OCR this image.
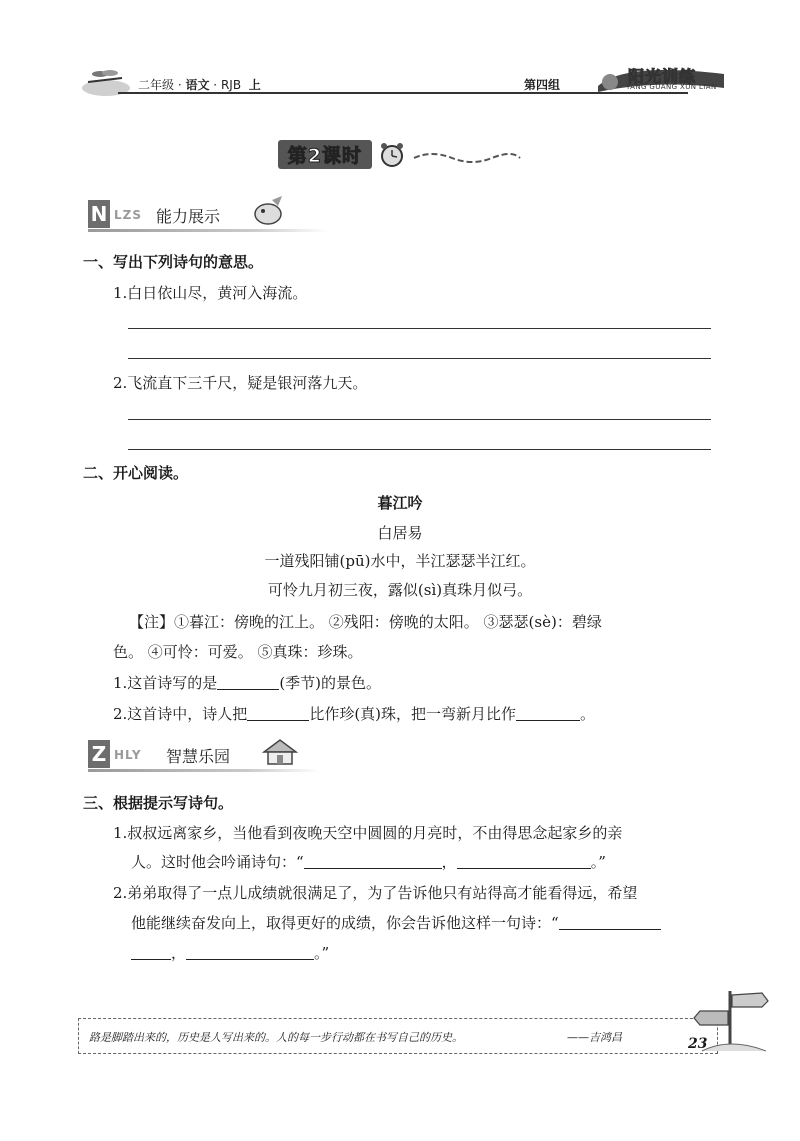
二年级 · 语文 · RJB 上	第四组	阳光训练
YANG GUANG XUN LIAN
第2课时
N LZS 能力展示
一、写出下列诗句的意思。
1.白日依山尽，黄河入海流。
2.飞流直下三千尺，疑是银河落九天。
二、开心阅读。
暮江吟
白居易
一道残阳铺(pū)水中，半江瑟瑟半江红。
可怜九月初三夜，露似(sì)真珠月似弓。
【注】①暮江：傍晚的江上。 ②残阳：傍晚的太阳。 ③瑟瑟(sè)：碧绿
色。 ④可怜：可爱。 ⑤真珠：珍珠。
1.这首诗写的是	(季节)的景色。
2.这首诗中，诗人把	比作珍(真)珠，把一弯新月比作	。
Z HLY 智慧乐园
三、根据提示写诗句。
1.叔叔远离家乡，当他看到夜晚天空中圆圆的月亮时，不由得思念起家乡的亲
人。这时他会吟诵诗句：“	，	。”
2.弟弟取得了一点儿成绩就很满足了，为了告诉他只有站得高才能看得远，希望
他能继续奋发向上，取得更好的成绩，你会告诉他这样一句诗：“
，	。”
路是脚踏出来的，历史是人写出来的。人的每一步行动都在书写自己的历史。	——吉鸿昌	23
